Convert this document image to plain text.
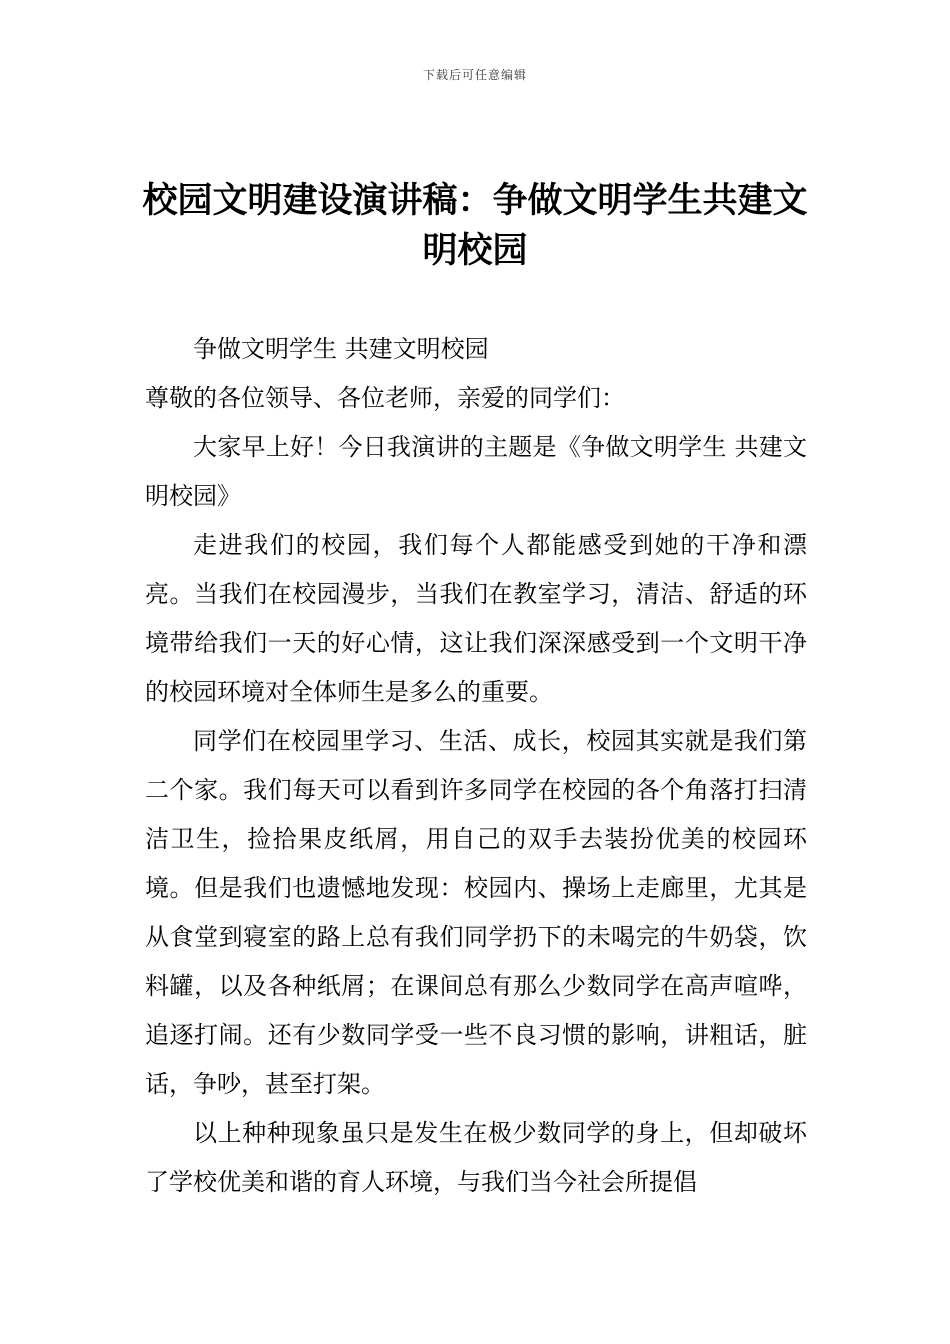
下载后可任意编辑
校园文明建设演讲稿：争做文明学生共建文明校园

争做文明学生 共建文明校园

尊敬的各位领导、各位老师，亲爱的同学们：

大家早上好！今日我演讲的主题是《争做文明学生 共建文明校园》

走进我们的校园，我们每个人都能感受到她的干净和漂亮。当我们在校园漫步，当我们在教室学习，清洁、舒适的环境带给我们一天的好心情，这让我们深深感受到一个文明干净的校园环境对全体师生是多么的重要。

同学们在校园里学习、生活、成长，校园其实就是我们第二个家。我们每天可以看到许多同学在校园的各个角落打扫清洁卫生，捡拾果皮纸屑，用自己的双手去装扮优美的校园环境。但是我们也遗憾地发现：校园内、操场上走廊里，尤其是从食堂到寝室的路上总有我们同学扔下的未喝完的牛奶袋，饮料罐，以及各种纸屑；在课间总有那么少数同学在高声喧哗，追逐打闹。还有少数同学受一些不良习惯的影响，讲粗话，脏话，争吵，甚至打架。

以上种种现象虽只是发生在极少数同学的身上，但却破坏了学校优美和谐的育人环境，与我们当今社会所提倡
